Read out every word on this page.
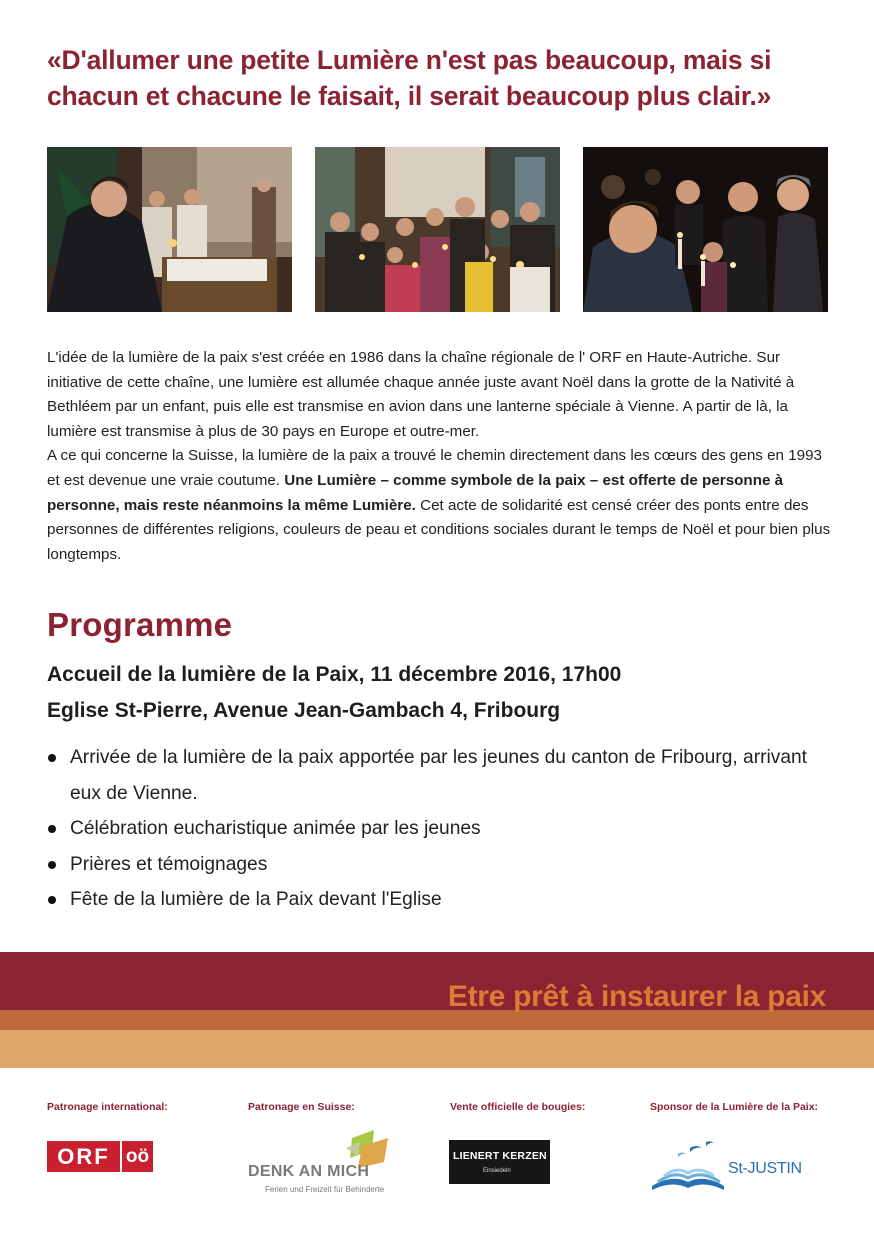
«D'allumer une petite Lumière n'est pas beaucoup, mais si chacun et chacune le faisait, il serait beaucoup plus clair.»

L'idée de la lumière de la paix s'est créée en 1986 dans la chaîne régionale de l' ORF en Haute-Autriche. Sur initiative de cette chaîne, une lumière est allumée chaque année juste avant Noël dans la grotte de la Nativité à Bethléem par un enfant, puis elle est transmise en avion dans une lanterne spéciale à Vienne. A partir de là, la lumière est transmise à plus de 30 pays en Europe et outre-mer.
A ce qui concerne la Suisse, la lumière de la paix a trouvé le chemin directement dans les cœurs des gens en 1993 et est devenue une vraie coutume. Une Lumière – comme symbole de la paix – est offerte de personne à personne, mais reste néanmoins la même Lumière. Cet acte de solidarité est censé créer des ponts entre des personnes de différentes religions, couleurs de peau et conditions sociales durant le temps de Noël et pour bien plus longtemps.

Programme

Accueil de la lumière de la Paix, 11 décembre 2016, 17h00
Eglise St-Pierre, Avenue Jean-Gambach 4, Fribourg

Arrivée de la lumière de la paix apportée par les jeunes du canton de Fribourg, arrivant eux de Vienne.
Célébration eucharistique animée par les jeunes
Prières et témoignages
Fête de la lumière de la Paix devant l'Eglise

Etre prêt à instaurer la paix

Patronage international:	Patronage en Suisse:	Vente officielle de bougies:	Sponsor de la Lumière de la Paix:

ORF oö
DENK AN MICH
Ferien und Freizeit für Behinderte
LIENERT KERZEN
Einsiedeln	St-JUSTIN
